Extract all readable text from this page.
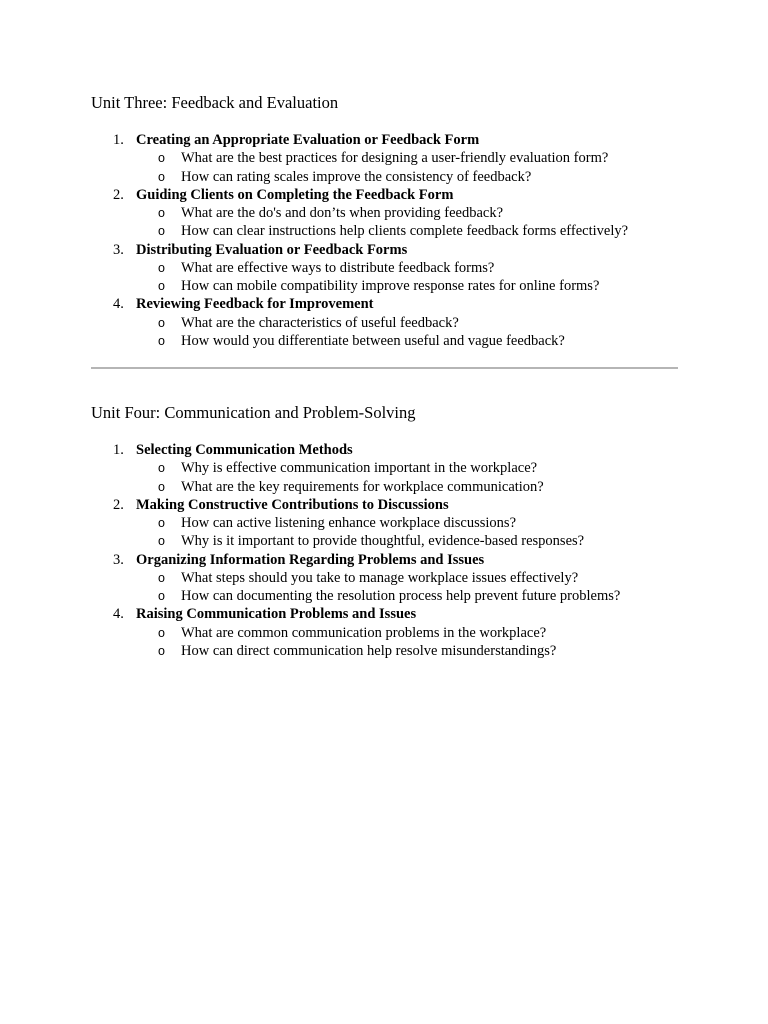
Unit Three: Feedback and Evaluation
1. Creating an Appropriate Evaluation or Feedback Form
o What are the best practices for designing a user-friendly evaluation form?
o How can rating scales improve the consistency of feedback?
2. Guiding Clients on Completing the Feedback Form
o What are the do's and don’ts when providing feedback?
o How can clear instructions help clients complete feedback forms effectively?
3. Distributing Evaluation or Feedback Forms
o What are effective ways to distribute feedback forms?
o How can mobile compatibility improve response rates for online forms?
4. Reviewing Feedback for Improvement
o What are the characteristics of useful feedback?
o How would you differentiate between useful and vague feedback?
Unit Four: Communication and Problem-Solving
1. Selecting Communication Methods
o Why is effective communication important in the workplace?
o What are the key requirements for workplace communication?
2. Making Constructive Contributions to Discussions
o How can active listening enhance workplace discussions?
o Why is it important to provide thoughtful, evidence-based responses?
3. Organizing Information Regarding Problems and Issues
o What steps should you take to manage workplace issues effectively?
o How can documenting the resolution process help prevent future problems?
4. Raising Communication Problems and Issues
o What are common communication problems in the workplace?
o How can direct communication help resolve misunderstandings?
